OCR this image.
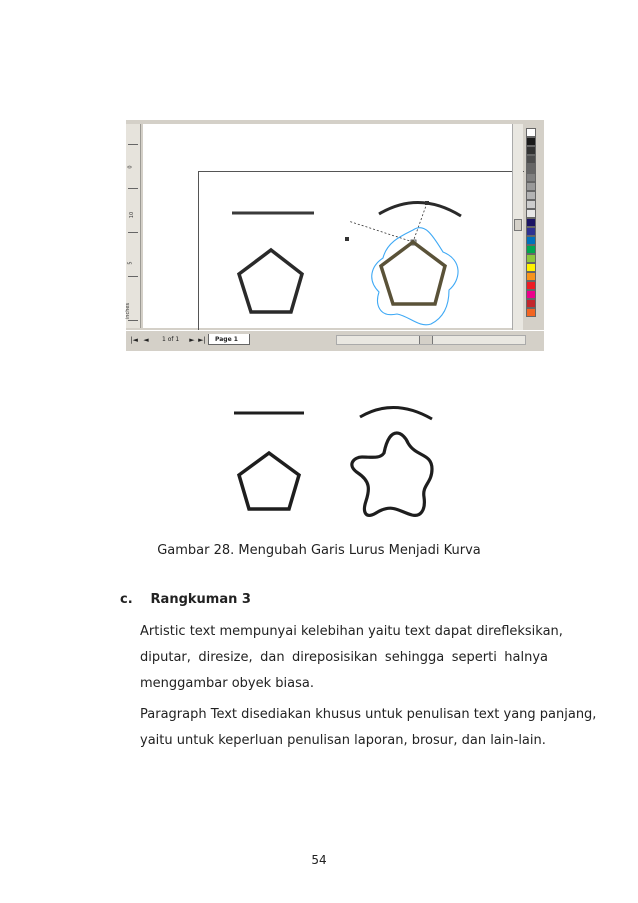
0
10
5
inches
|◄ ◄ 1 of 1 ► ►|	Page 1
Gambar 28. Mengubah Garis Lurus Menjadi Kurva
c. Rangkuman 3
Artistic text mempunyai kelebihan yaitu text dapat direfleksikan,
diputar, diresize, dan direposisikan sehingga seperti halnya
menggambar obyek biasa.
Paragraph Text disediakan khusus untuk penulisan text yang panjang,
yaitu untuk keperluan penulisan laporan, brosur, dan lain-lain.
54
